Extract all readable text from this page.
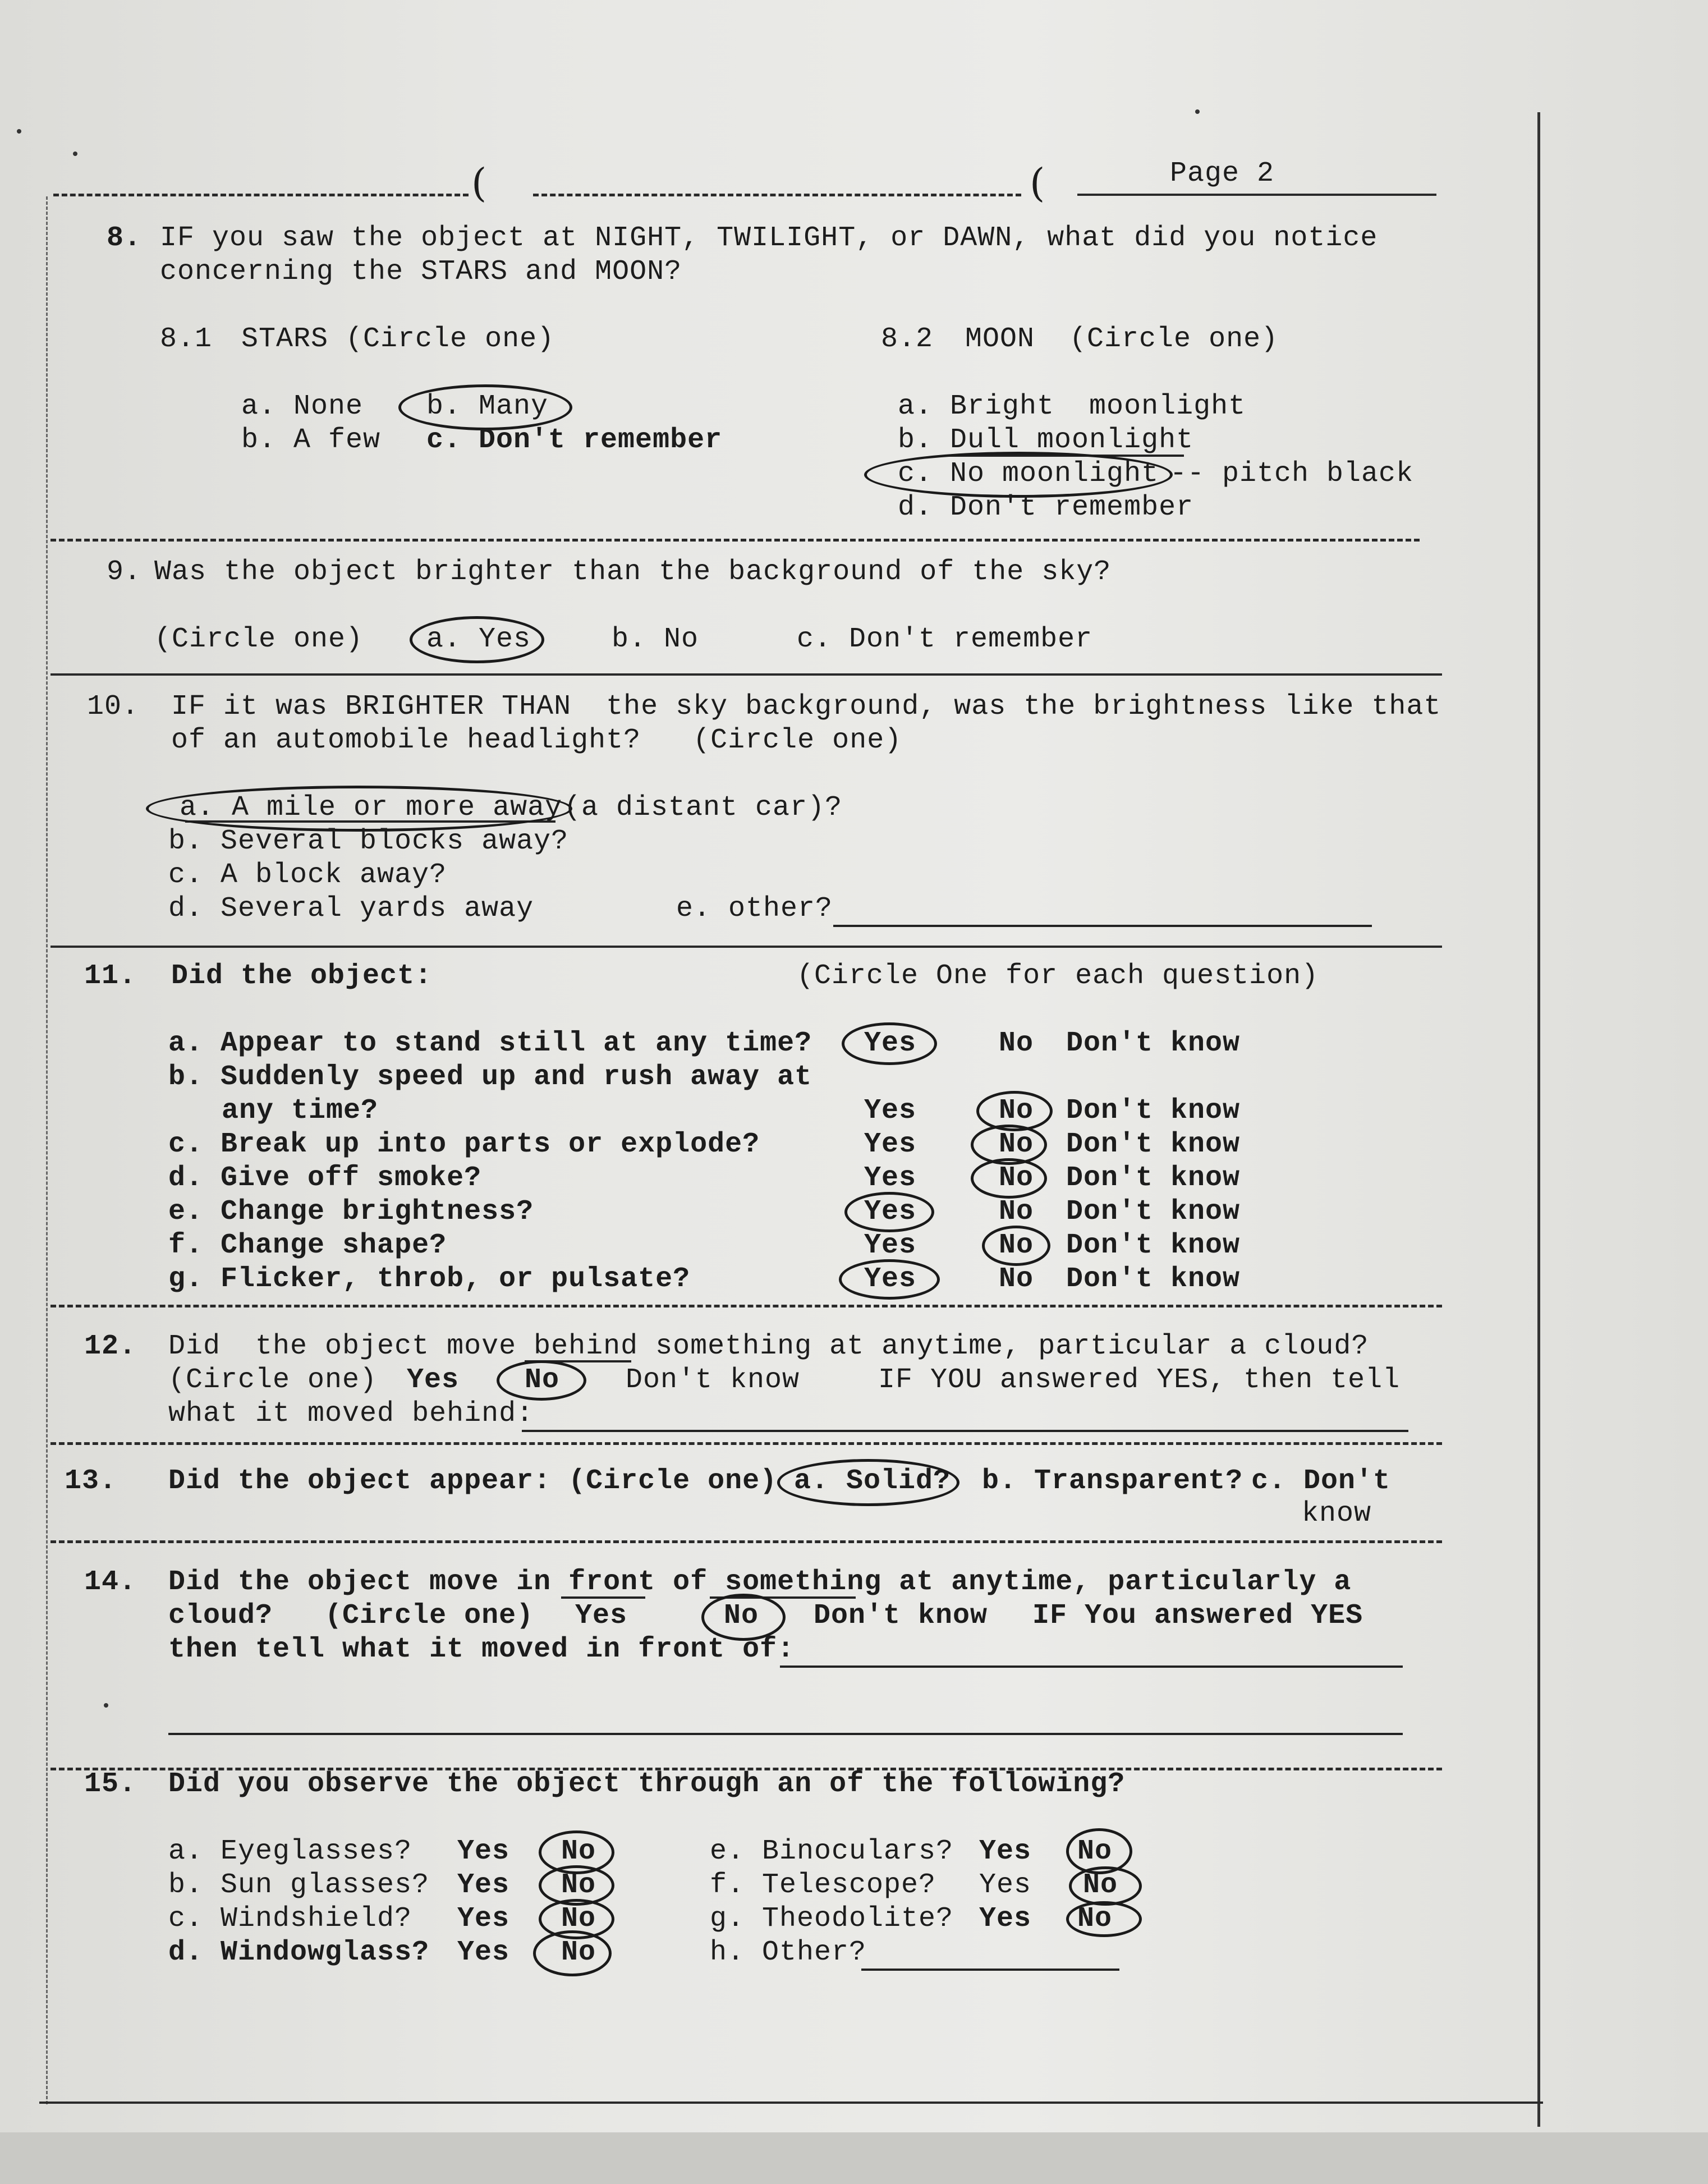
(	(	Page 2
8. IF you saw the object at NIGHT, TWILIGHT, or DAWN, what did you notice
concerning the STARS and MOON?
8.1 STARS (Circle one)
a. None b. Many
b. A few c. Don't remember
8.2 MOON  (Circle one)
a. Bright  moonlight
b. Dull moonlight
c. No moonlight -- pitch black
d. Don't remember
9. Was the object brighter than the background of the sky?
(Circle one) a. Yes	b. No	c. Don't remember
10. IF it was BRIGHTER THAN  the sky background, was the brightness like that
of an automobile headlight?   (Circle one)
a. A mile or more away (a distant car)?
b. Several blocks away?
c. A block away?
d. Several yards away	e. other?
11. Did the object:	(Circle One for each question)
a. Appear to stand still at any time? Yes	No Don't know
b. Suddenly speed up and rush away at
any time?	Yes	No Don't know
c. Break up into parts or explode?	Yes	No Don't know
d. Give off smoke?	Yes	No Don't know
e. Change brightness?	Yes	No Don't know
f. Change shape?	Yes	No Don't know
g. Flicker, throb, or pulsate?	Yes	No Don't know
12. Did  the object move behind something at anytime, particular a cloud?
(Circle one) Yes No Don't know	IF YOU answered YES, then tell
what it moved behind:
13. Did the object appear: (Circle one) a. Solid? b. Transparent? c. Don't
know
14. Did the object move in front of something at anytime, particularly a
cloud?   (Circle one) Yes	No Don't know IF You answered YES
then tell what it moved in front of:
15. Did you observe the object through an of the following?
a. Eyeglasses? Yes No
b. Sun glasses? Yes No
c. Windshield? Yes No
d. Windowglass? Yes No
e. Binoculars? Yes No
f. Telescope? Yes No
g. Theodolite? Yes No
h. Other?
